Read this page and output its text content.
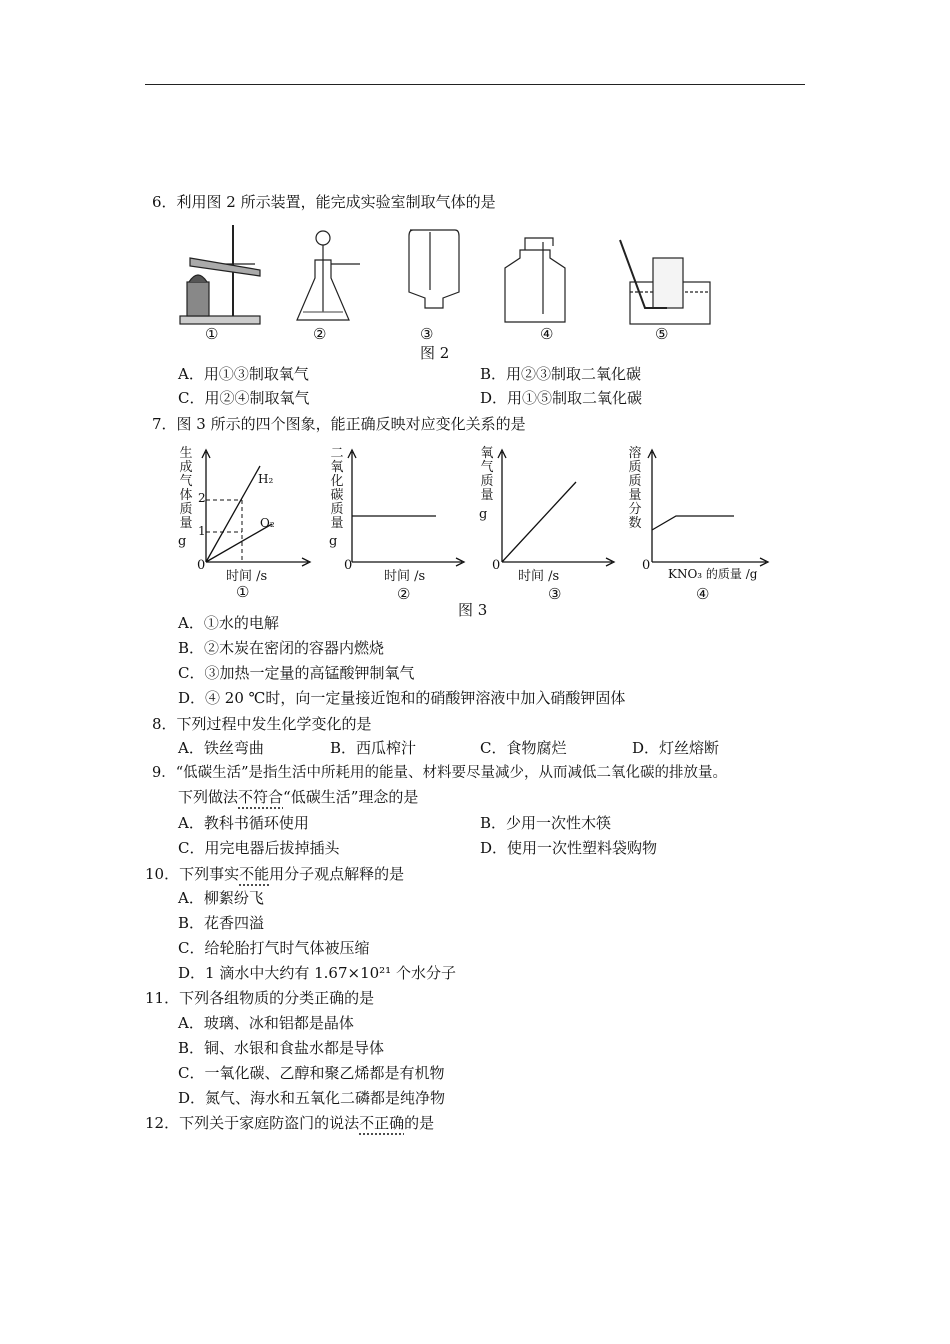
6．利用图 2 所示装置，能完成实验室制取气体的是
①	②	③	④	⑤
图 2
A．用①③制取氧气	B．用②③制取二氧化碳
C．用②④制取氧气	D．用①⑤制取二氧化碳
7．图 3 所示的四个图象，能正确反映对应变化关系的是
生成气体质量
g
2
1
H₂
O₂
0
时间 /s
①
二氧化碳质量
g
0
时间 /s
②
氧气质量
g
0
时间 /s
③
溶质质量分数
0
KNO₃ 的质量 /g
④
图 3
A．①水的电解
B．②木炭在密闭的容器内燃烧
C．③加热一定量的高锰酸钾制氧气
D．④ 20 ℃时，向一定量接近饱和的硝酸钾溶液中加入硝酸钾固体
8．下列过程中发生化学变化的是
A．铁丝弯曲	B．西瓜榨汁	C．食物腐烂	D．灯丝熔断
9．“低碳生活”是指生活中所耗用的能量、材料要尽量减少，从而减低二氧化碳的排放量。
下列做法不符合“低碳生活”理念的是
A．教科书循环使用	B．少用一次性木筷
C．用完电器后拔掉插头	D．使用一次性塑料袋购物
10．下列事实不能用分子观点解释的是
A．柳絮纷飞
B．花香四溢
C．给轮胎打气时气体被压缩
D．1 滴水中大约有 1.67×10²¹ 个水分子
11．下列各组物质的分类正确的是
A．玻璃、冰和铝都是晶体
B．铜、水银和食盐水都是导体
C．一氧化碳、乙醇和聚乙烯都是有机物
D．氮气、海水和五氧化二磷都是纯净物
12．下列关于家庭防盗门的说法不正确的是
